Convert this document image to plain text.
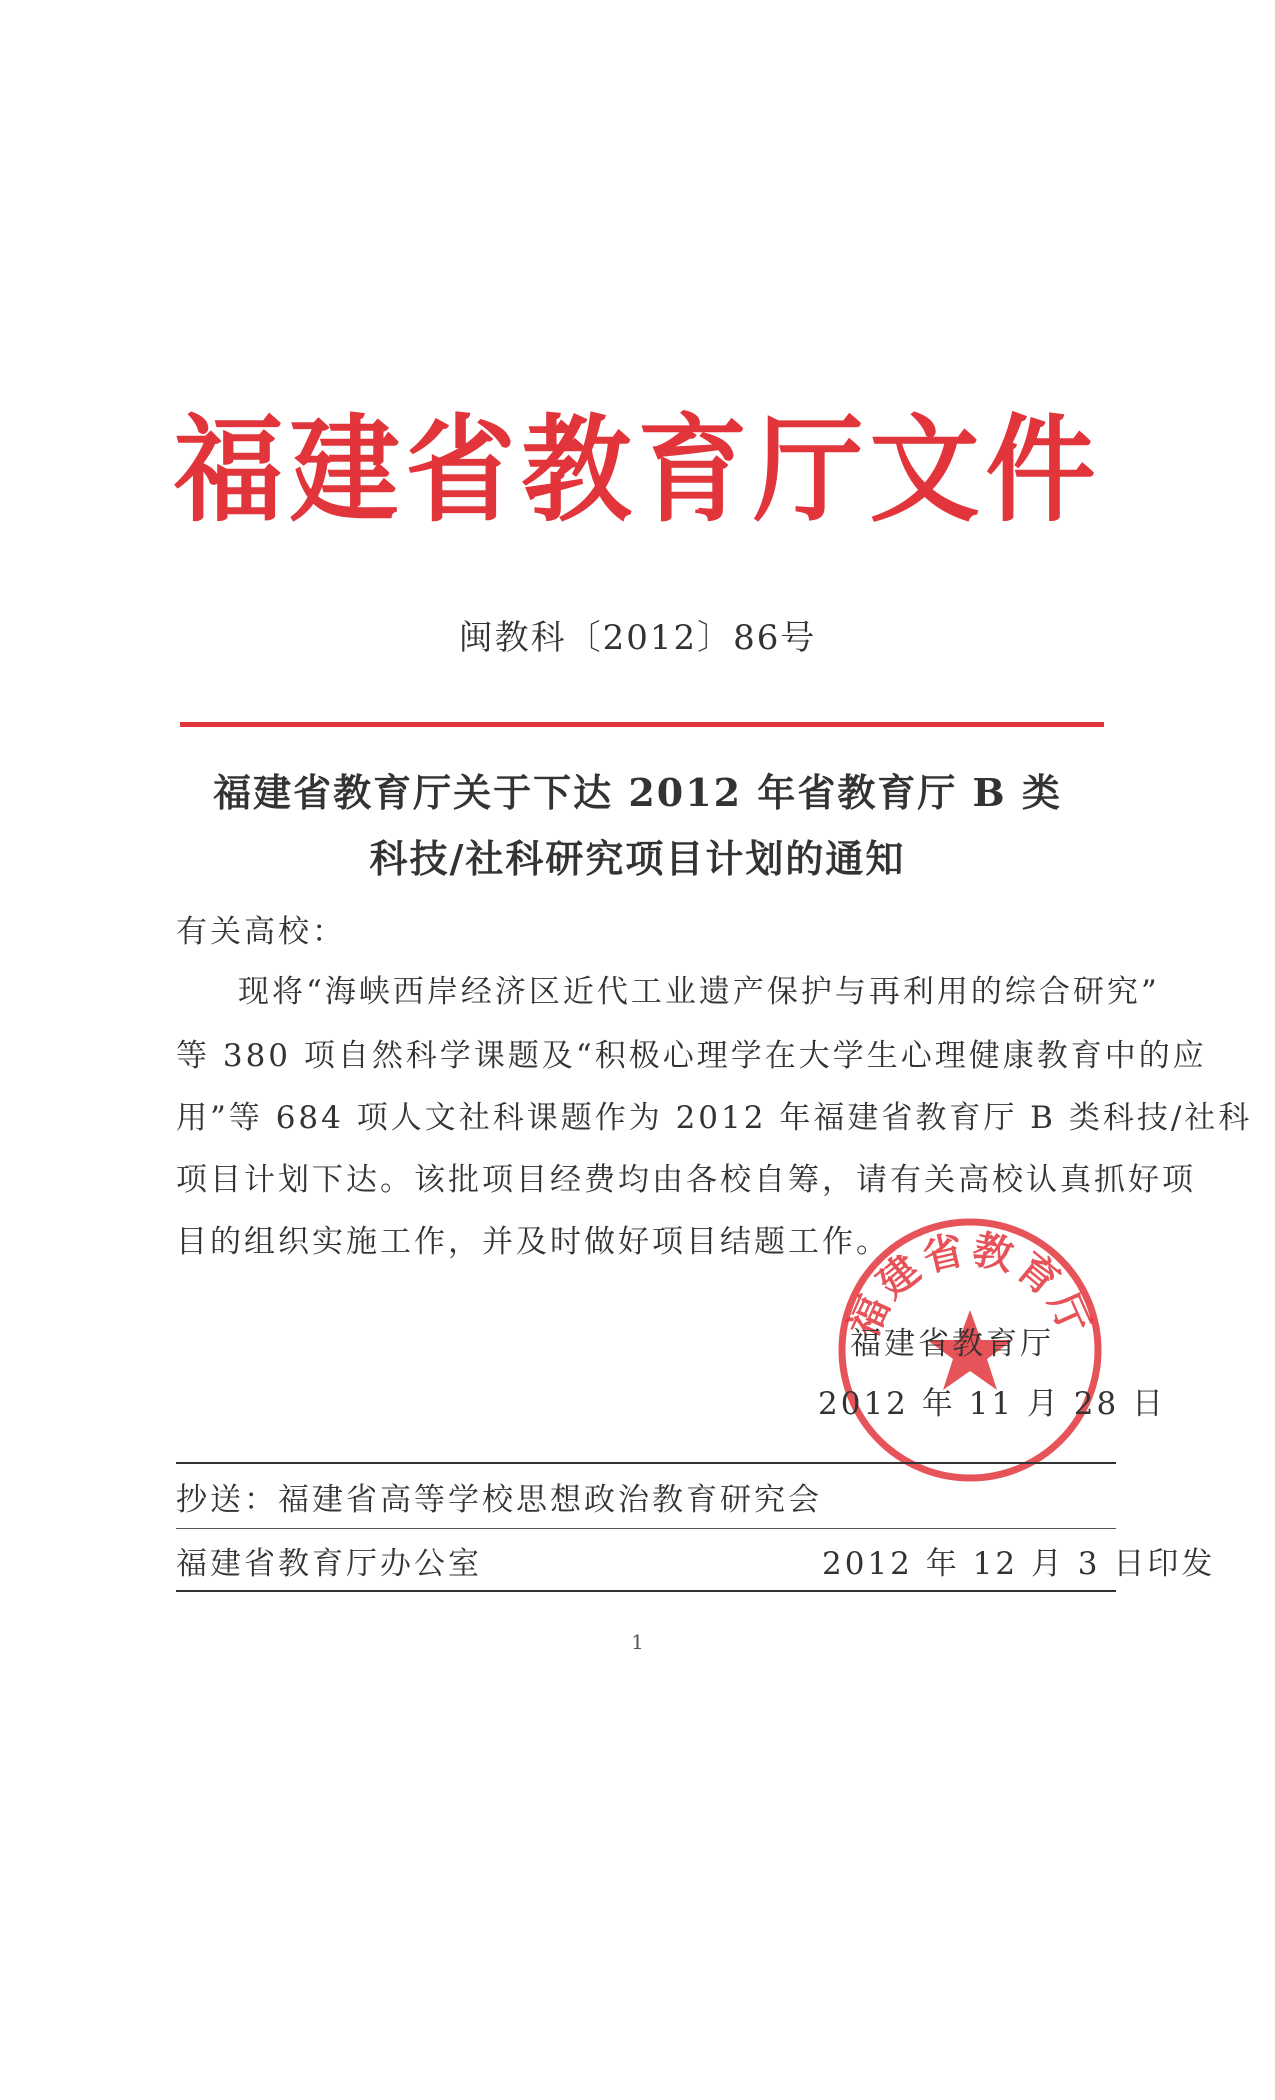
福建省教育厅文件
闽教科〔2012〕86号
福建省教育厅关于下达 2012 年省教育厅 B 类
科技/社科研究项目计划的通知
有关高校：
现将“海峡西岸经济区近代工业遗产保护与再利用的综合研究”
等 380 项自然科学课题及“积极心理学在大学生心理健康教育中的应
用”等 684 项人文社科课题作为 2012 年福建省教育厅 B 类科技/社科
项目计划下达。该批项目经费均由各校自筹，请有关高校认真抓好项
目的组织实施工作，并及时做好项目结题工作。
福建省教育厅
福建省教育厅
2012 年 11 月 28 日
抄送：福建省高等学校思想政治教育研究会
福建省教育厅办公室	2012 年 12 月 3 日印发
1
